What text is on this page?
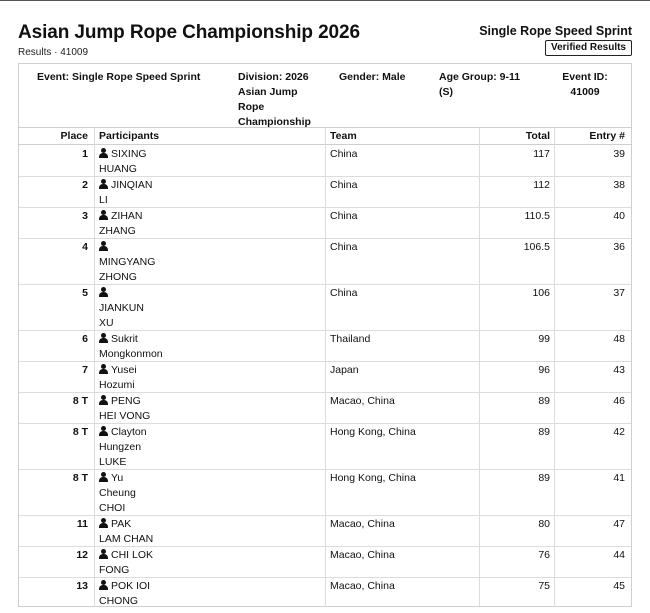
Asian Jump Rope Championship 2026
Results · 41009
Single Rope Speed Sprint
Verified Results
Event: Single Rope Speed Sprint	Division: 2026 Asian Jump Rope Championship
Gender: Male	Age Group: 9-11 (S)
Event ID: 41009
Place Participants	Team	Total	Entry #
1	SIXING
HUANG
China	117	39
2	JINQIAN
LI
China	112	38
3	ZIHAN
ZHANG
China	110.5	40
4
MINGYANG
ZHONG
China	106.5	36
5
JIANKUN
XU
China	106	37
6	Sukrit
Mongkonmon
Thailand	99	48
7	Yusei
Hozumi
Japan	96	43
8 T	PENG
HEI VONG
Macao, China	89	46
8 T	Clayton
Hungzen
LUKE
Hong Kong, China	89	42
8 T	Yu
Cheung
CHOI
Hong Kong, China	89	41
11	PAK
LAM CHAN
Macao, China	80	47
12	CHI LOK
FONG
Macao, China	76	44
13	POK IOI
CHONG
Macao, China	75	45
